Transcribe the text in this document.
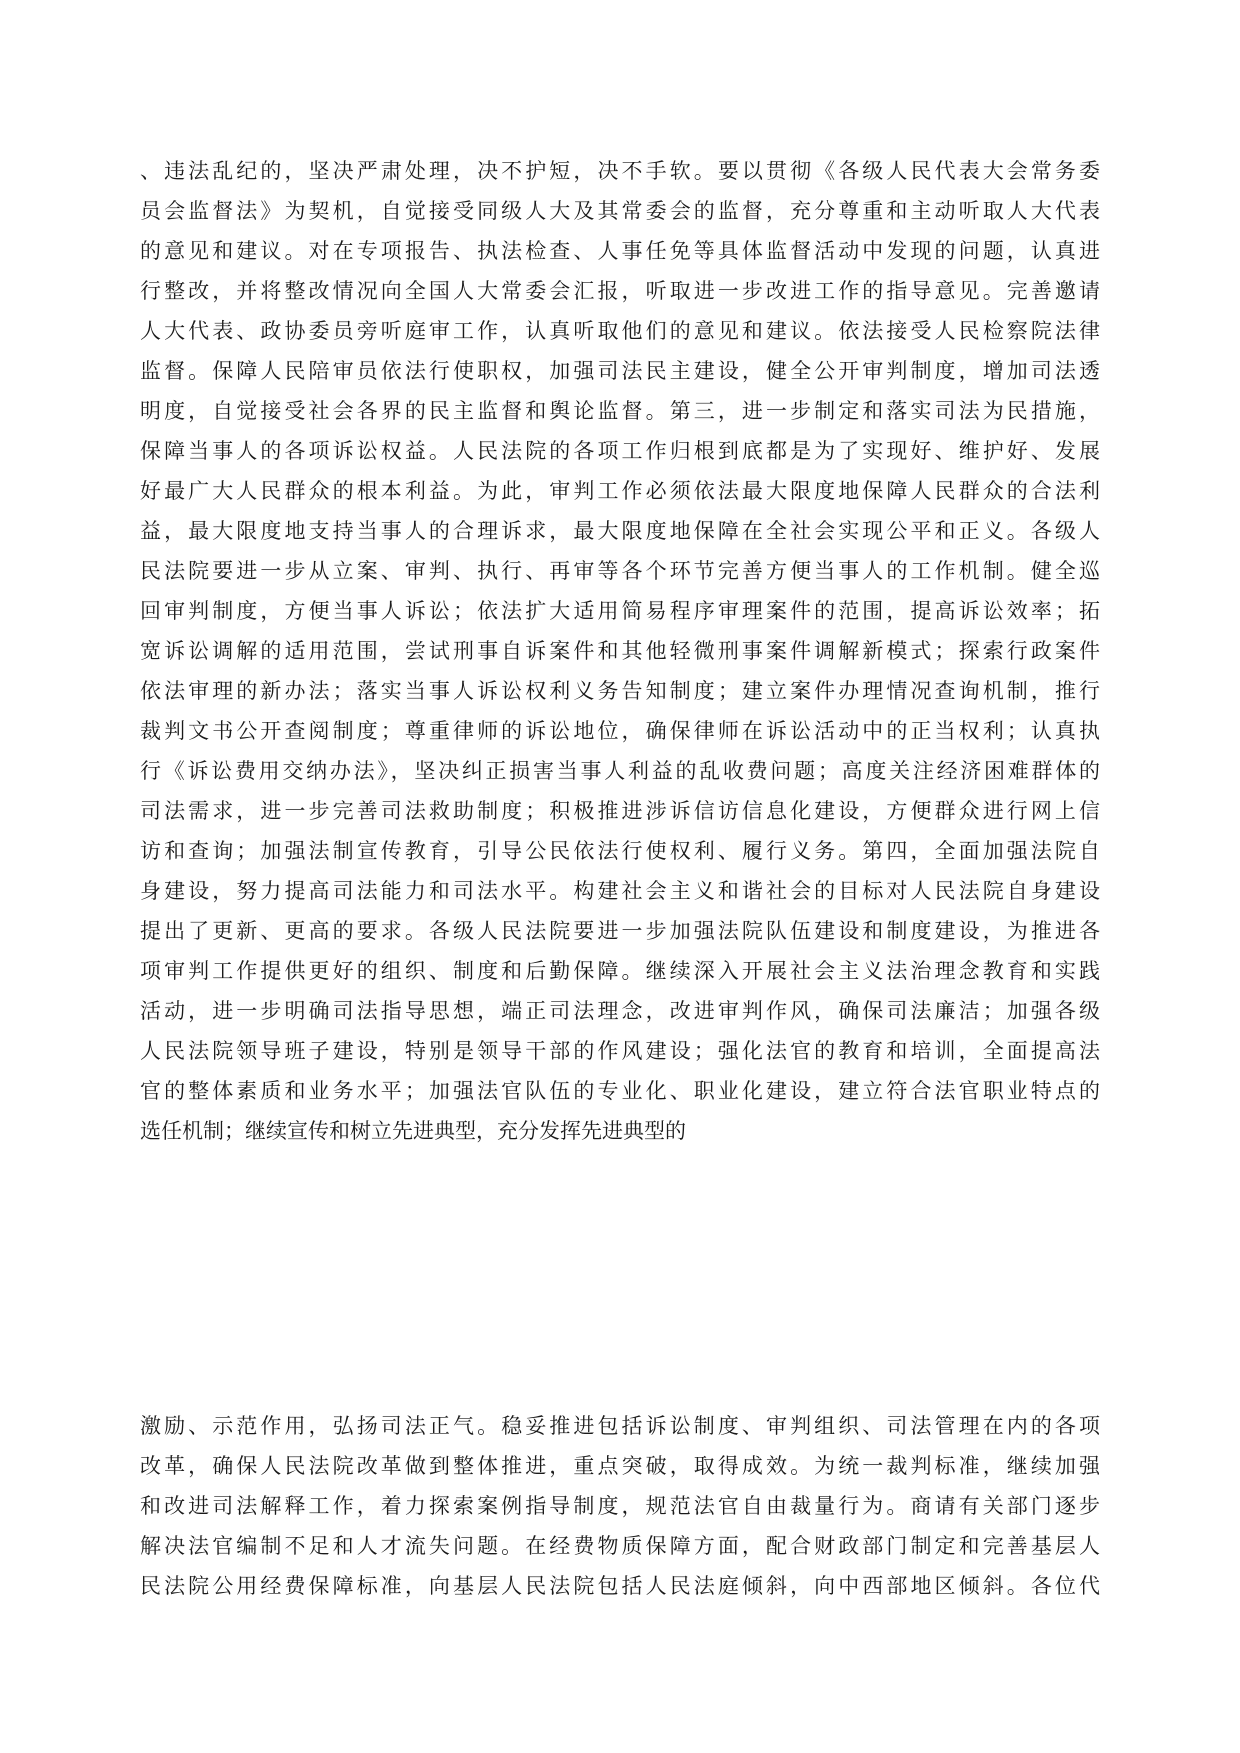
、违法乱纪的，坚决严肃处理，决不护短，决不手软。要以贯彻《各级人民代表大会常务委
员会监督法》为契机，自觉接受同级人大及其常委会的监督，充分尊重和主动听取人大代表
的意见和建议。对在专项报告、执法检查、人事任免等具体监督活动中发现的问题，认真进
行整改，并将整改情况向全国人大常委会汇报，听取进一步改进工作的指导意见。完善邀请
人大代表、政协委员旁听庭审工作，认真听取他们的意见和建议。依法接受人民检察院法律
监督。保障人民陪审员依法行使职权，加强司法民主建设，健全公开审判制度，增加司法透
明度，自觉接受社会各界的民主监督和舆论监督。第三，进一步制定和落实司法为民措施，
保障当事人的各项诉讼权益。人民法院的各项工作归根到底都是为了实现好、维护好、发展
好最广大人民群众的根本利益。为此，审判工作必须依法最大限度地保障人民群众的合法利
益，最大限度地支持当事人的合理诉求，最大限度地保障在全社会实现公平和正义。各级人
民法院要进一步从立案、审判、执行、再审等各个环节完善方便当事人的工作机制。健全巡
回审判制度，方便当事人诉讼；依法扩大适用简易程序审理案件的范围，提高诉讼效率；拓
宽诉讼调解的适用范围，尝试刑事自诉案件和其他轻微刑事案件调解新模式；探索行政案件
依法审理的新办法；落实当事人诉讼权利义务告知制度；建立案件办理情况查询机制，推行
裁判文书公开查阅制度；尊重律师的诉讼地位，确保律师在诉讼活动中的正当权利；认真执
行《诉讼费用交纳办法》，坚决纠正损害当事人利益的乱收费问题；高度关注经济困难群体的
司法需求，进一步完善司法救助制度；积极推进涉诉信访信息化建设，方便群众进行网上信
访和查询；加强法制宣传教育，引导公民依法行使权利、履行义务。第四，全面加强法院自
身建设，努力提高司法能力和司法水平。构建社会主义和谐社会的目标对人民法院自身建设
提出了更新、更高的要求。各级人民法院要进一步加强法院队伍建设和制度建设，为推进各
项审判工作提供更好的组织、制度和后勤保障。继续深入开展社会主义法治理念教育和实践
活动，进一步明确司法指导思想，端正司法理念，改进审判作风，确保司法廉洁；加强各级
人民法院领导班子建设，特别是领导干部的作风建设；强化法官的教育和培训，全面提高法
官的整体素质和业务水平；加强法官队伍的专业化、职业化建设，建立符合法官职业特点的
选任机制；继续宣传和树立先进典型，充分发挥先进典型的
激励、示范作用，弘扬司法正气。稳妥推进包括诉讼制度、审判组织、司法管理在内的各项
改革，确保人民法院改革做到整体推进，重点突破，取得成效。为统一裁判标准，继续加强
和改进司法解释工作，着力探索案例指导制度，规范法官自由裁量行为。商请有关部门逐步
解决法官编制不足和人才流失问题。在经费物质保障方面，配合财政部门制定和完善基层人
民法院公用经费保障标准，向基层人民法院包括人民法庭倾斜，向中西部地区倾斜。各位代
